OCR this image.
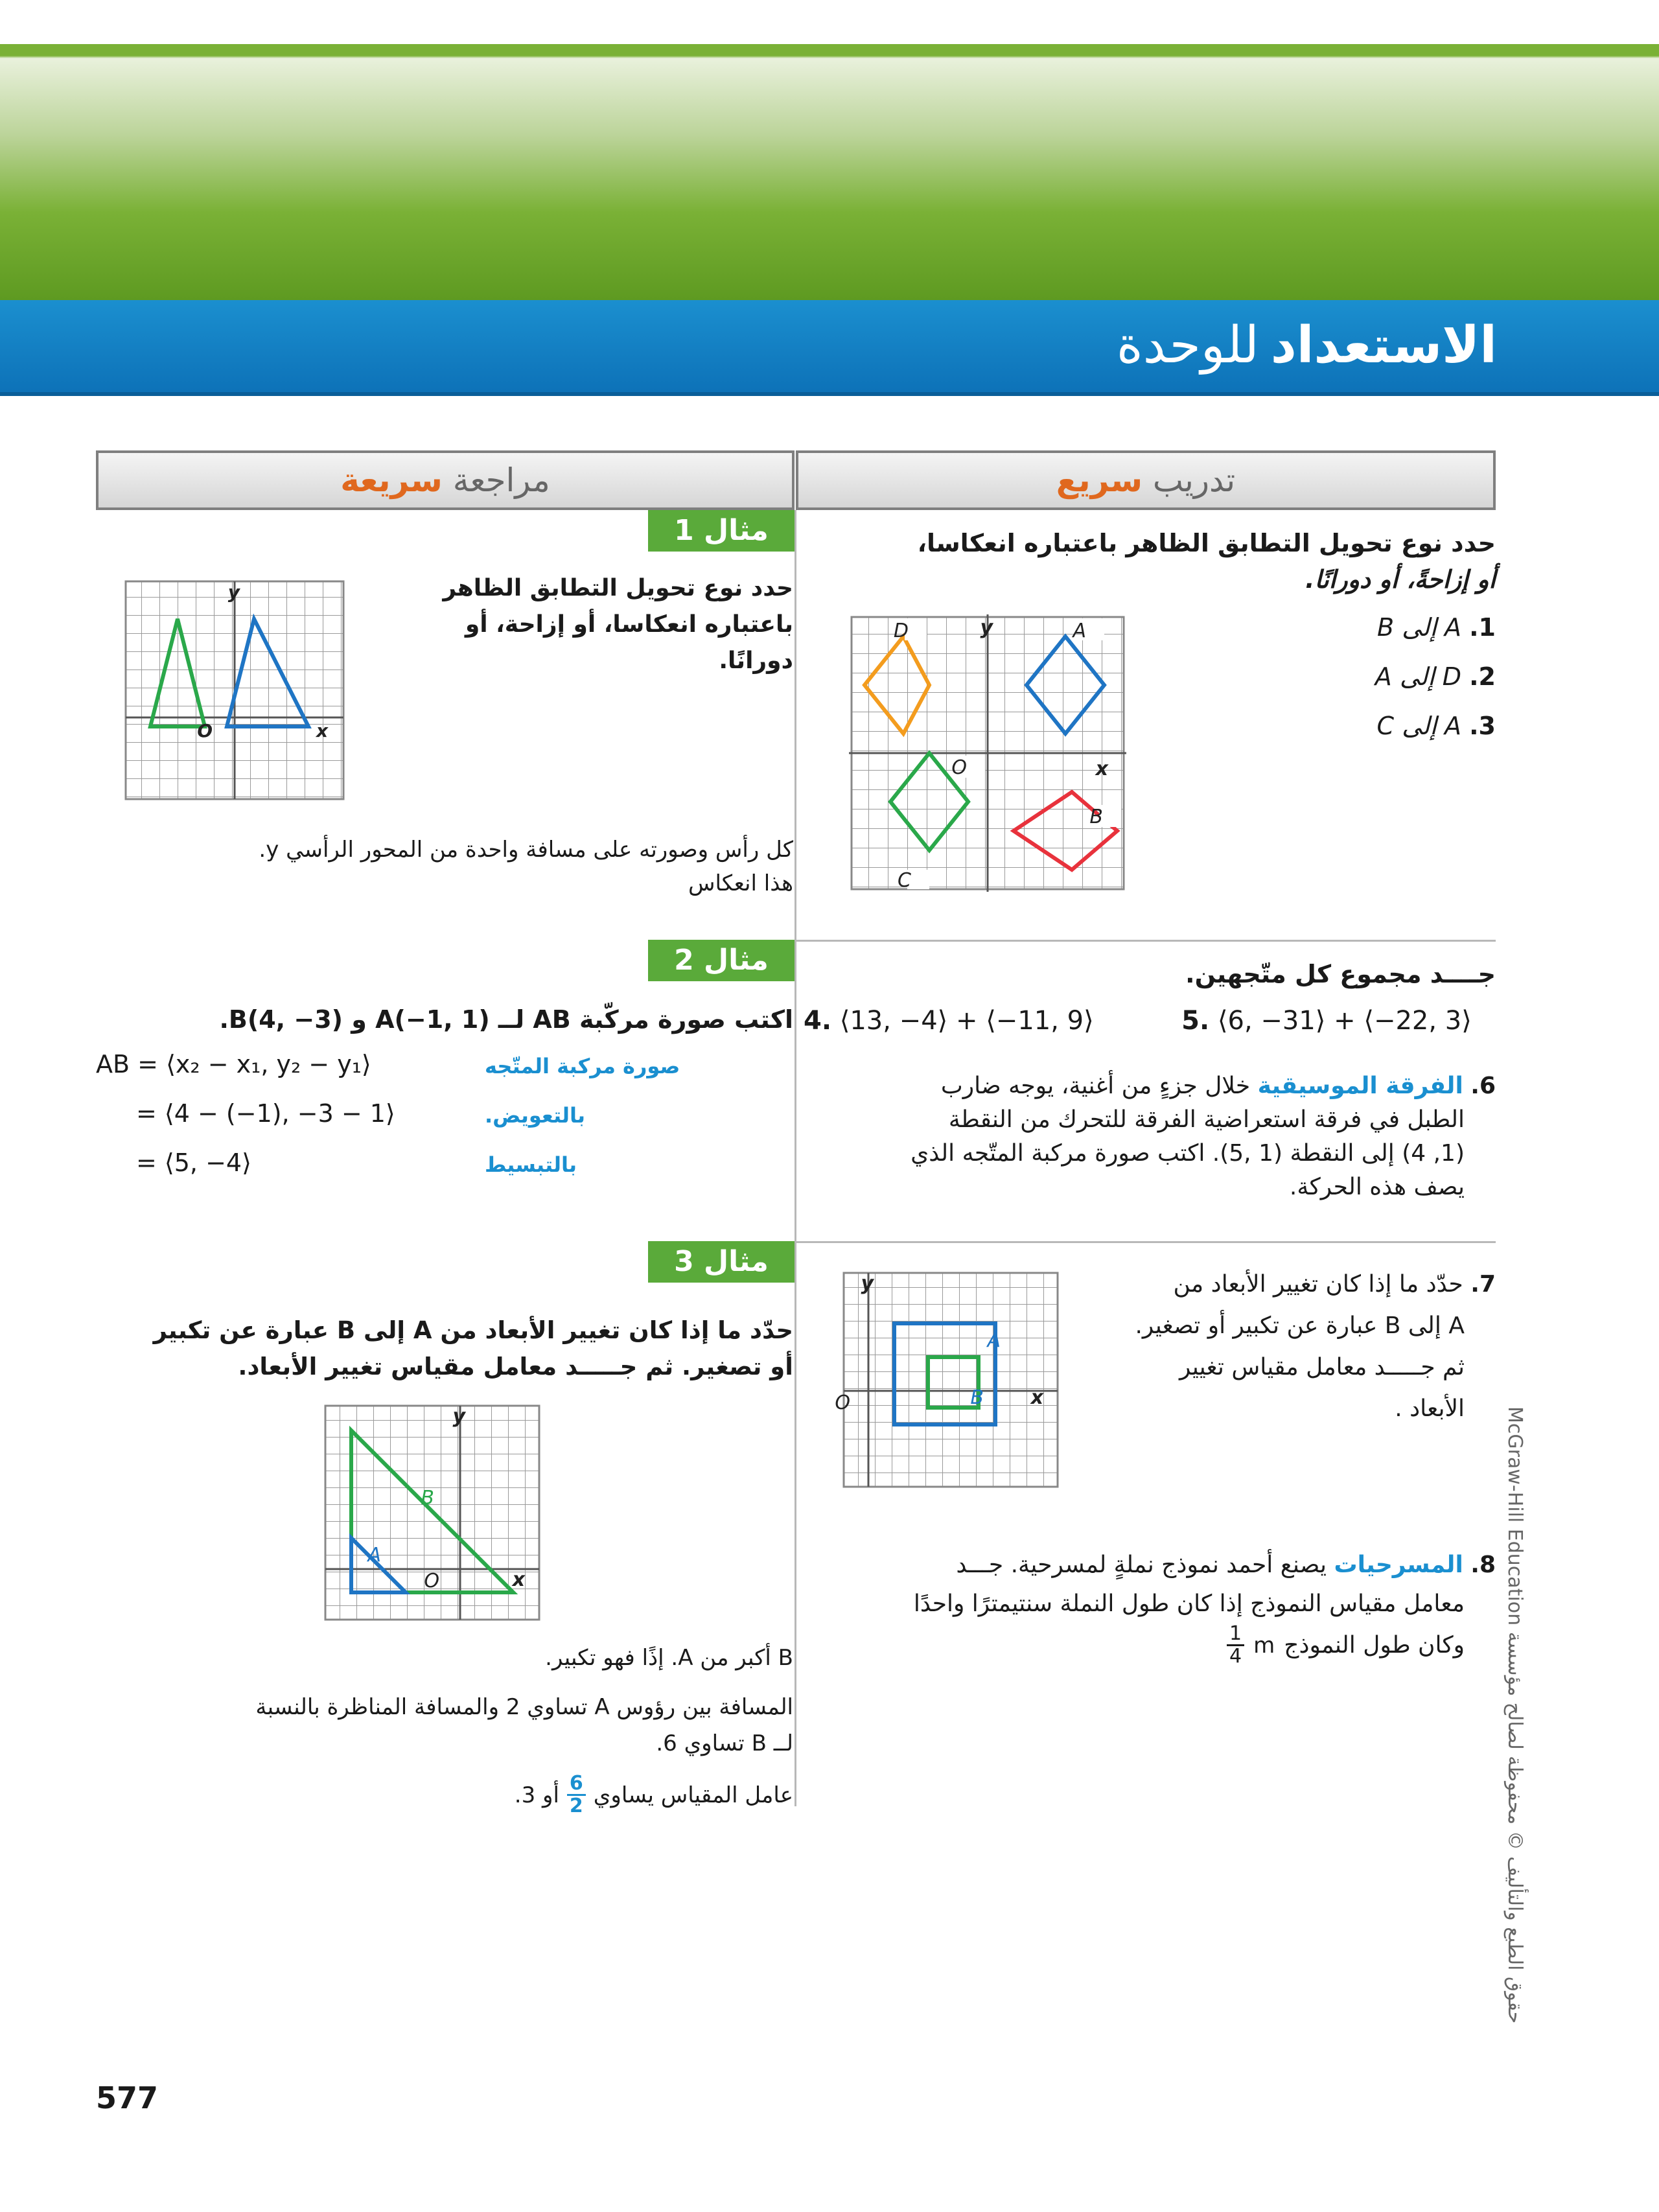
الاستعدادللوحدة
تدريب سريع
مراجعة سريعة
حدد نوع تحويل التطابق الظاهر باعتباره انعكاسا،
أو إزاحةً، أو دورانًا.
1. A إلى B
2. D إلى A
3. A إلى C
D	A
B
C
O	x
y
جــــد مجموع كل متّجهين.
4. ⟨13, −4⟩ + ⟨−11, 9⟩	5. ⟨6, −31⟩ + ⟨−22, 3⟩
6. الفرقة الموسيقية خلال جزءٍ من أغنية، يوجه ضارب
الطبل في فرقة استعراضية الفرقة للتحرك من النقطة
(1, 4) إلى النقطة (1 ,5). اكتب صورة مركبة المتّجه الذي
يصف هذه الحركة.
7. حدّد ما إذا كان تغيير الأبعاد من
A إلى B عبارة عن تكبير أو تصغير.
ثم جـــــد معامل مقياس تغيير الأبعاد .
A
B
O	x
y
8. المسرحيات يصنع أحمد نموذج نملةٍ لمسرحية. جـــد
معامل مقياس النموذج إذا كان طول النملة سنتيمترًا واحدًا
وكان طول النموذج
m
$\frac{1}{4}$
مثال 1
O	x
y	حدد نوع تحويل التطابق الظاهر
باعتباره انعكاسا، أو إزاحة، أو دورانًا.
كل رأس وصورته على مسافة واحدة من المحور الرأسي y.
هذا انعكاس
مثال 2
اكتب صورة مركّبة AB لــ (1 ,1−)A و (3− ,4)B.
AB = ⟨x₂ − x₁, y₂ − y₁⟩	صورة مركبة المتّجه
= ⟨4 − (−1), −3 − 1⟩	بالتعويض.
= ⟨5, −4⟩	بالتبسيط
مثال 3
حدّد ما إذا كان تغيير الأبعاد من A إلى B عبارة عن تكبير
أو تصغير. ثم جـــــد معامل مقياس تغيير الأبعاد.
B
A
O	x
y
B أكبر من A. إذًا فهو تكبير.
المسافة بين رؤوس A تساوي 2 والمسافة المناظرة بالنسبة
لــ B تساوي 6.
عامل المقياس يساوي
$\frac{6}{2}$
أو 3.
حقوق الطبع والتأليف © محفوظة لصالح مؤسسة McGraw-Hill Education
577
